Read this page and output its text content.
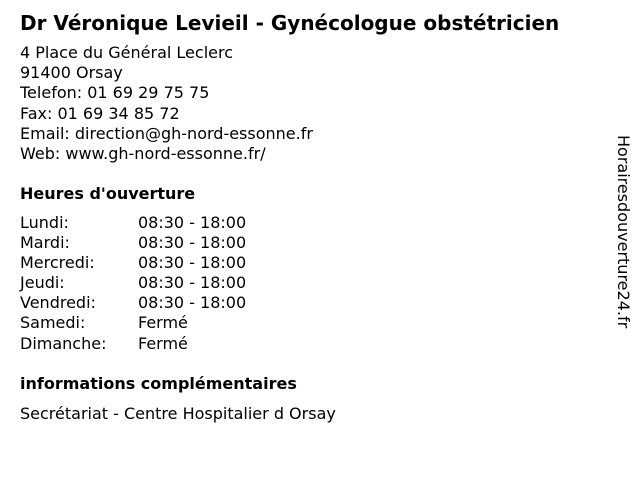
Dr Véronique Levieil - Gynécologue obstétricien
4 Place du Général Leclerc
91400 Orsay
Telefon: 01 69 29 75 75
Fax: 01 69 34 85 72
Email: direction@gh-nord-essonne.fr
Web: www.gh-nord-essonne.fr/
Heures d'ouverture
Lundi:	08:30 - 18:00
Mardi:	08:30 - 18:00
Mercredi:	08:30 - 18:00
Jeudi:	08:30 - 18:00
Vendredi:	08:30 - 18:00
Samedi:	Fermé
Dimanche: Fermé
informations complémentaires
Secrétariat - Centre Hospitalier d Orsay
Horairesdouverture24.fr
